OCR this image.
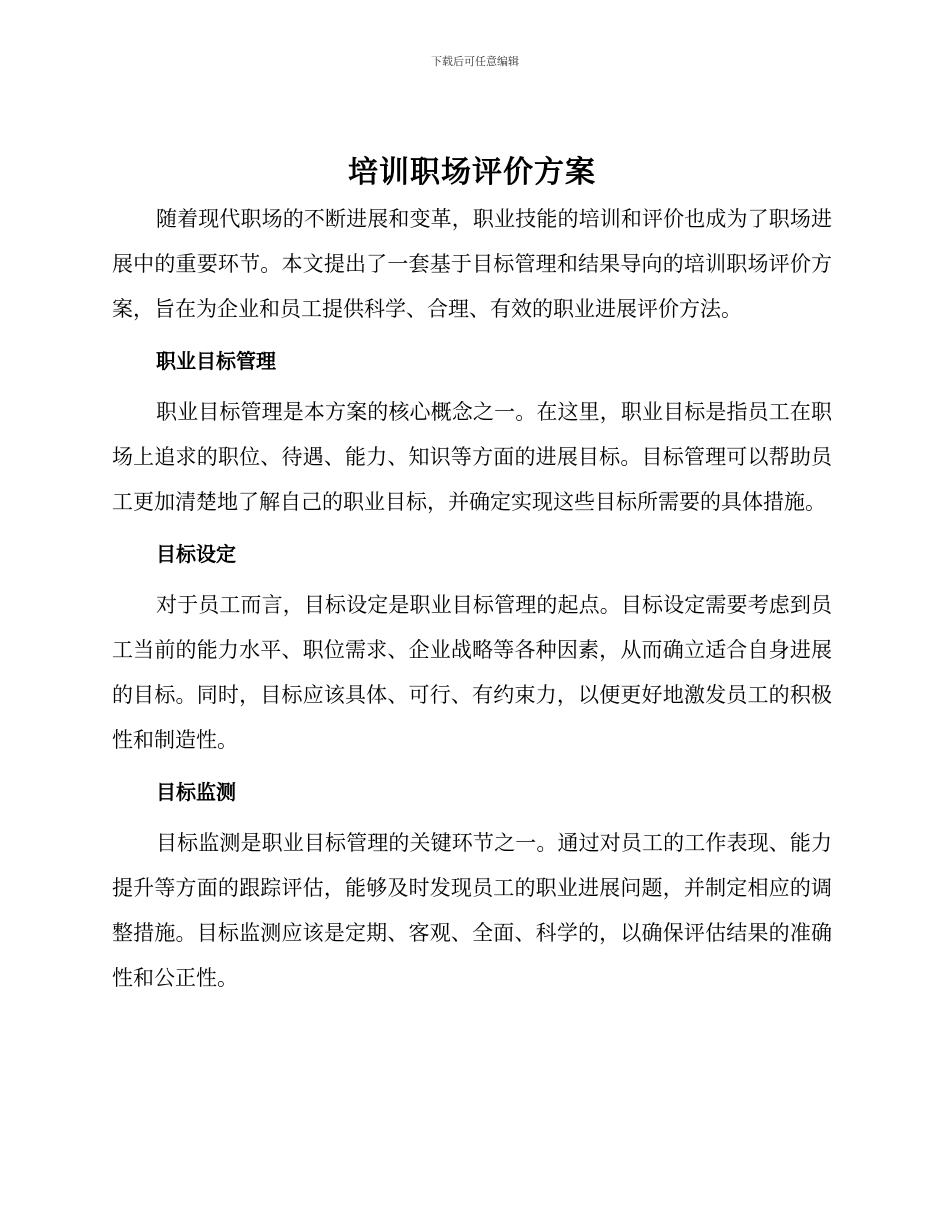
下载后可任意编辑
培训职场评价方案

随着现代职场的不断进展和变革，职业技能的培训和评价也成为了职场进展中的重要环节。本文提出了一套基于目标管理和结果导向的培训职场评价方案，旨在为企业和员工提供科学、合理、有效的职业进展评价方法。

职业目标管理

职业目标管理是本方案的核心概念之一。在这里，职业目标是指员工在职场上追求的职位、待遇、能力、知识等方面的进展目标。目标管理可以帮助员工更加清楚地了解自己的职业目标，并确定实现这些目标所需要的具体措施。

目标设定

对于员工而言，目标设定是职业目标管理的起点。目标设定需要考虑到员工当前的能力水平、职位需求、企业战略等各种因素，从而确立适合自身进展的目标。同时，目标应该具体、可行、有约束力，以便更好地激发员工的积极性和制造性。

目标监测

目标监测是职业目标管理的关键环节之一。通过对员工的工作表现、能力提升等方面的跟踪评估，能够及时发现员工的职业进展问题，并制定相应的调整措施。目标监测应该是定期、客观、全面、科学的，以确保评估结果的准确性和公正性。
